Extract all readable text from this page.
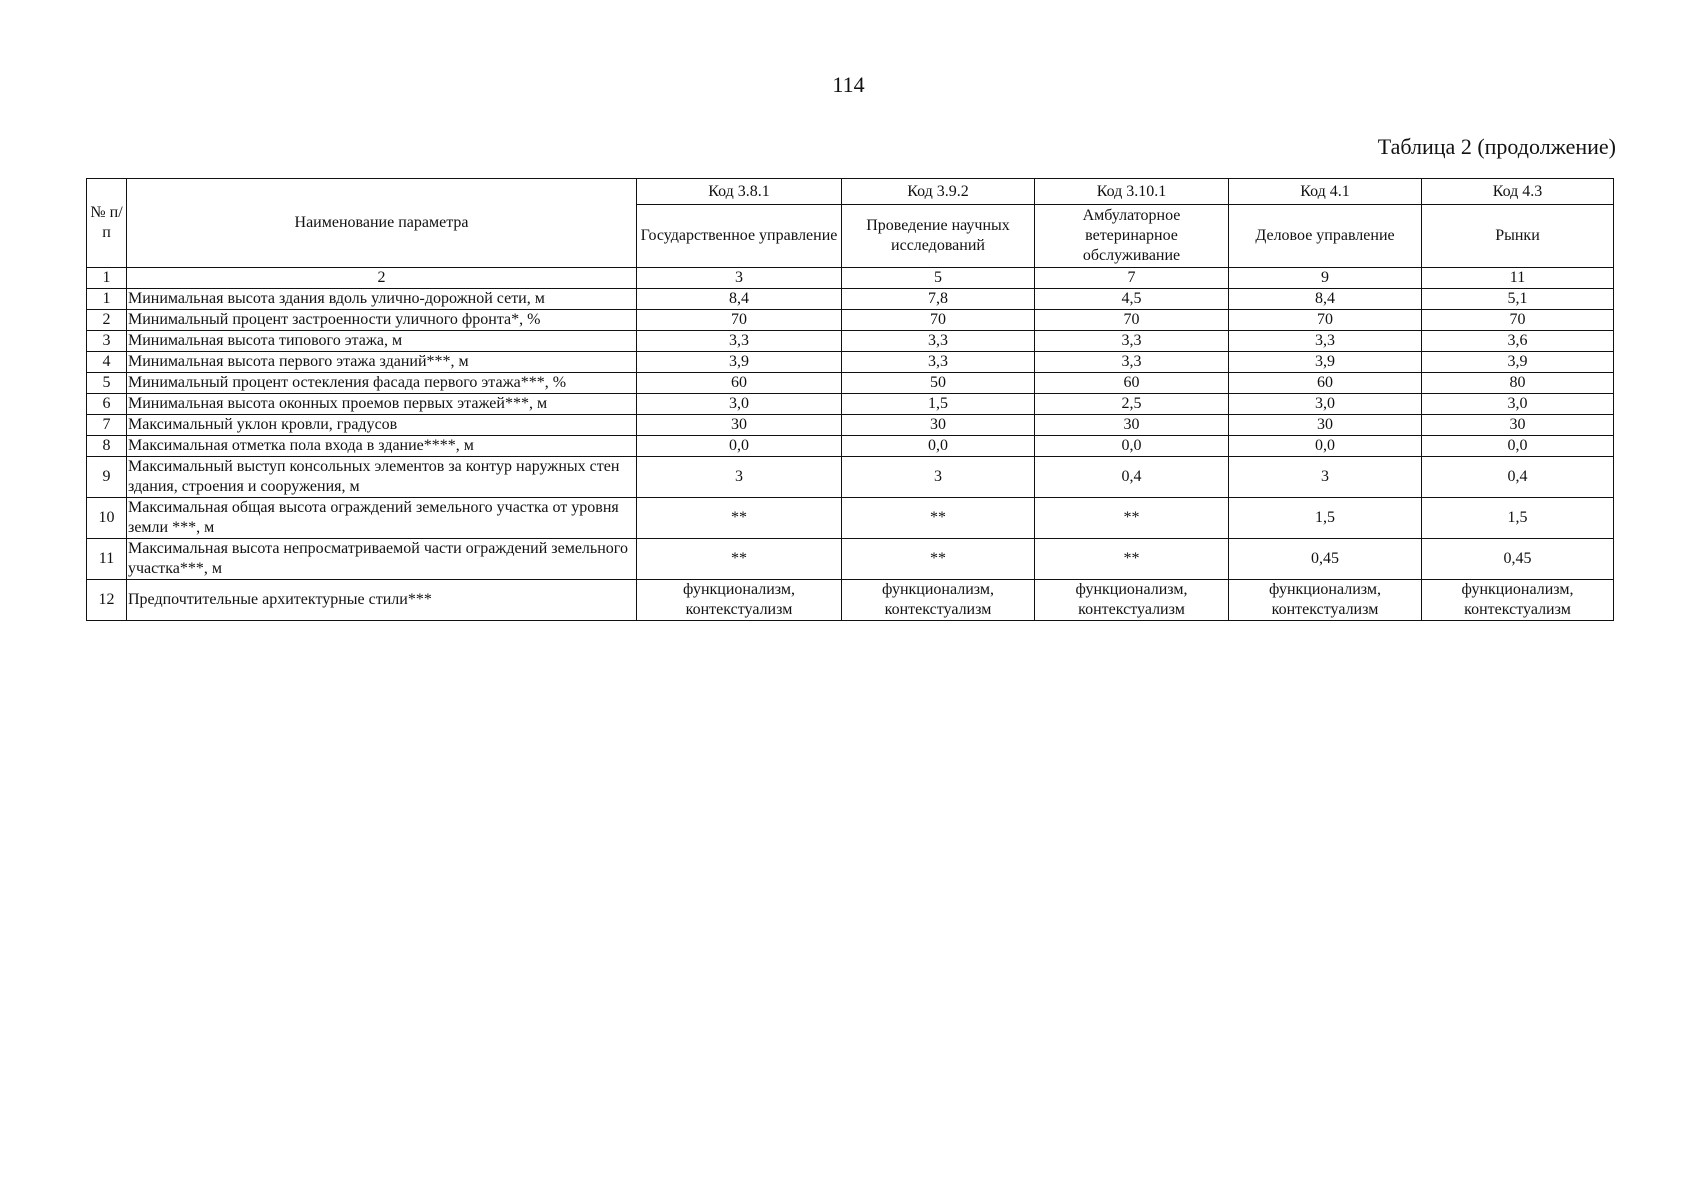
114
Таблица 2 (продолжение)
№ п/п	Наименование параметра	Код 3.8.1	Код 3.9.2	Код 3.10.1	Код 4.1	Код 4.3
		Государственное управление	Проведение научных исследований	Амбулаторное ветеринарное обслуживание	Деловое управление	Рынки
1	2	3	5	7	9	11
1	Минимальная высота здания вдоль улично-дорожной сети, м	8,4	7,8	4,5	8,4	5,1
2	Минимальный процент застроенности уличного фронта*, %	70	70	70	70	70
3	Минимальная высота типового этажа, м	3,3	3,3	3,3	3,3	3,6
4	Минимальная высота первого этажа зданий***, м	3,9	3,3	3,3	3,9	3,9
5	Минимальный процент остекления фасада первого этажа***, %	60	50	60	60	80
6	Минимальная высота оконных проемов первых этажей***, м	3,0	1,5	2,5	3,0	3,0
7	Максимальный уклон кровли, градусов	30	30	30	30	30
8	Максимальная отметка пола входа в здание****, м	0,0	0,0	0,0	0,0	0,0
9	Максимальный выступ консольных элементов за контур наружных стен здания, строения и сооружения, м	3	3	0,4	3	0,4
10	Максимальная общая высота ограждений земельного участка от уровня земли ***, м	**	**	**	1,5	1,5
11	Максимальная высота непросматриваемой части ограждений земельного участка***, м	**	**	**	0,45	0,45
12	Предпочтительные архитектурные стили***	функционализм, контекстуализм	функционализм, контекстуализм	функционализм, контекстуализм	функционализм, контекстуализм	функционализм, контекстуализм
